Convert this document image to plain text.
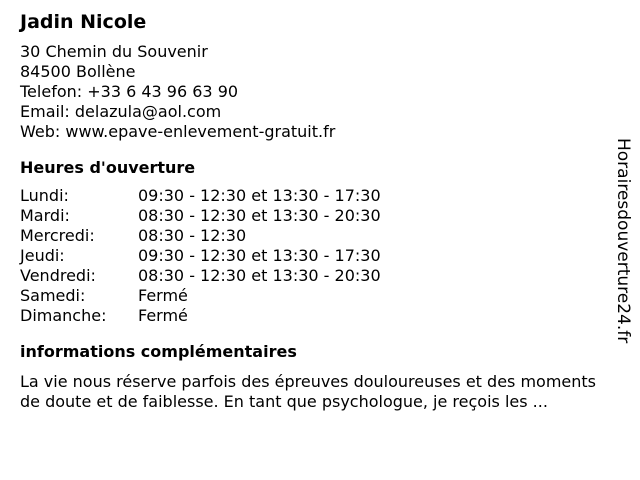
Jadin Nicole
30 Chemin du Souvenir
84500 Bollène
Telefon: +33 6 43 96 63 90
Email: delazula@aol.com
Web: www.epave-enlevement-gratuit.fr
Heures d'ouverture
Lundi:	09:30 - 12:30 et 13:30 - 17:30
Mardi:	08:30 - 12:30 et 13:30 - 20:30
Mercredi:	08:30 - 12:30
Jeudi:	09:30 - 12:30 et 13:30 - 17:30
Vendredi:	08:30 - 12:30 et 13:30 - 20:30
Samedi:	Fermé
Dimanche:	Fermé
informations complémentaires
La vie nous réserve parfois des épreuves douloureuses et des moments de doute et de faiblesse. En tant que psychologue, je reçois les ...
Horairesdouverture24.fr
